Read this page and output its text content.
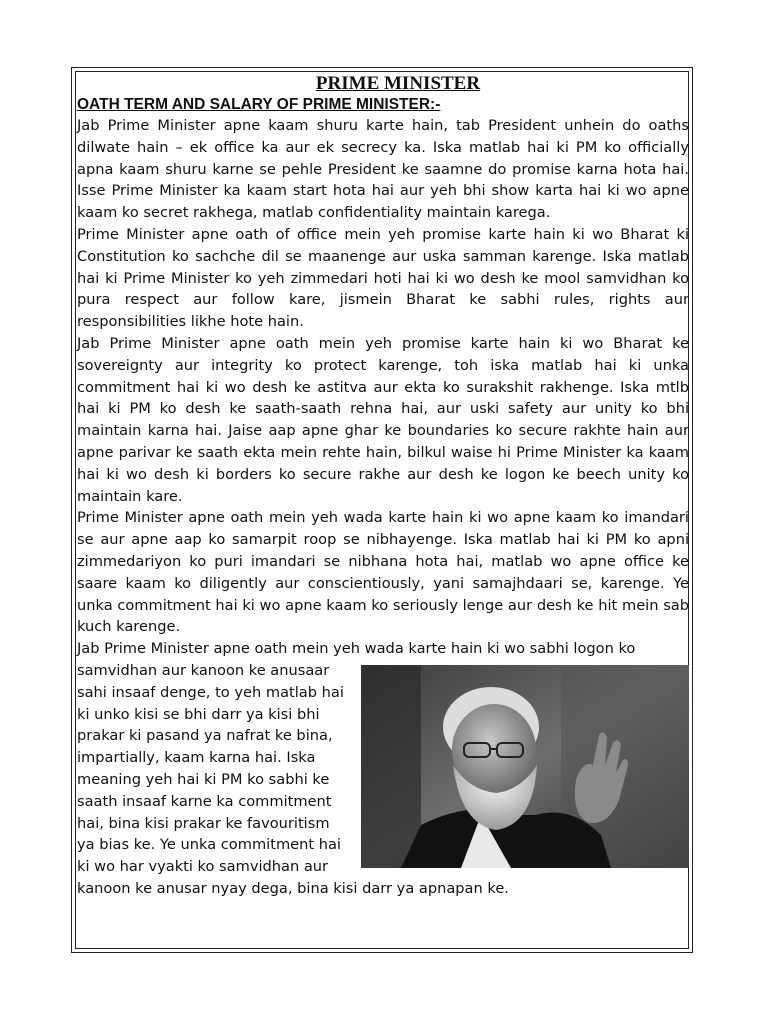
PRIME MINISTER
OATH TERM AND SALARY OF PRIME MINISTER:-

Jab Prime Minister apne kaam shuru karte hain, tab President unhein do oaths dilwate hain – ek office ka aur ek secrecy ka. Iska matlab hai ki PM ko officially apna kaam shuru karne se pehle President ke saamne do promise karna hota hai. Isse Prime Minister ka kaam start hota hai aur yeh bhi show karta hai ki wo apne kaam ko secret rakhega, matlab confidentiality maintain karega.

Prime Minister apne oath of office mein yeh promise karte hain ki wo Bharat ki Constitution ko sachche dil se maanenge aur uska samman karenge. Iska matlab hai ki Prime Minister ko yeh zimmedari hoti hai ki wo desh ke mool samvidhan ko pura respect aur follow kare, jismein Bharat ke sabhi rules, rights aur responsibilities likhe hote hain.

Jab Prime Minister apne oath mein yeh promise karte hain ki wo Bharat ke sovereignty aur integrity ko protect karenge, toh iska matlab hai ki unka commitment hai ki wo desh ke astitva aur ekta ko surakshit rakhenge. Iska mtlb hai ki PM ko desh ke saath-saath rehna hai, aur uski safety aur unity ko bhi maintain karna hai. Jaise aap apne ghar ke boundaries ko secure rakhte hain aur apne parivar ke saath ekta mein rehte hain, bilkul waise hi Prime Minister ka kaam hai ki wo desh ki borders ko secure rakhe aur desh ke logon ke beech unity ko maintain kare.

Prime Minister apne oath mein yeh wada karte hain ki wo apne kaam ko imandari se aur apne aap ko samarpit roop se nibhayenge. Iska matlab hai ki PM ko apni zimmedariyon ko puri imandari se nibhana hota hai, matlab wo apne office ke saare kaam ko diligently aur conscientiously, yani samajhdaari se, karenge. Ye unka commitment hai ki wo apne kaam ko seriously lenge aur desh ke hit mein sab kuch karenge.

Jab Prime Minister apne oath mein yeh wada karte hain ki wo sabhi logon ko
samvidhan aur kanoon ke anusaar
sahi insaaf denge, to yeh matlab hai
ki unko kisi se bhi darr ya kisi bhi
prakar ki pasand ya nafrat ke bina,
impartially, kaam karna hai. Iska
meaning yeh hai ki PM ko sabhi ke
saath insaaf karne ka commitment
hai, bina kisi prakar ke favouritism
ya bias ke. Ye unka commitment hai
ki wo har vyakti ko samvidhan aur
kanoon ke anusar nyay dega, bina kisi darr ya apnapan ke.
